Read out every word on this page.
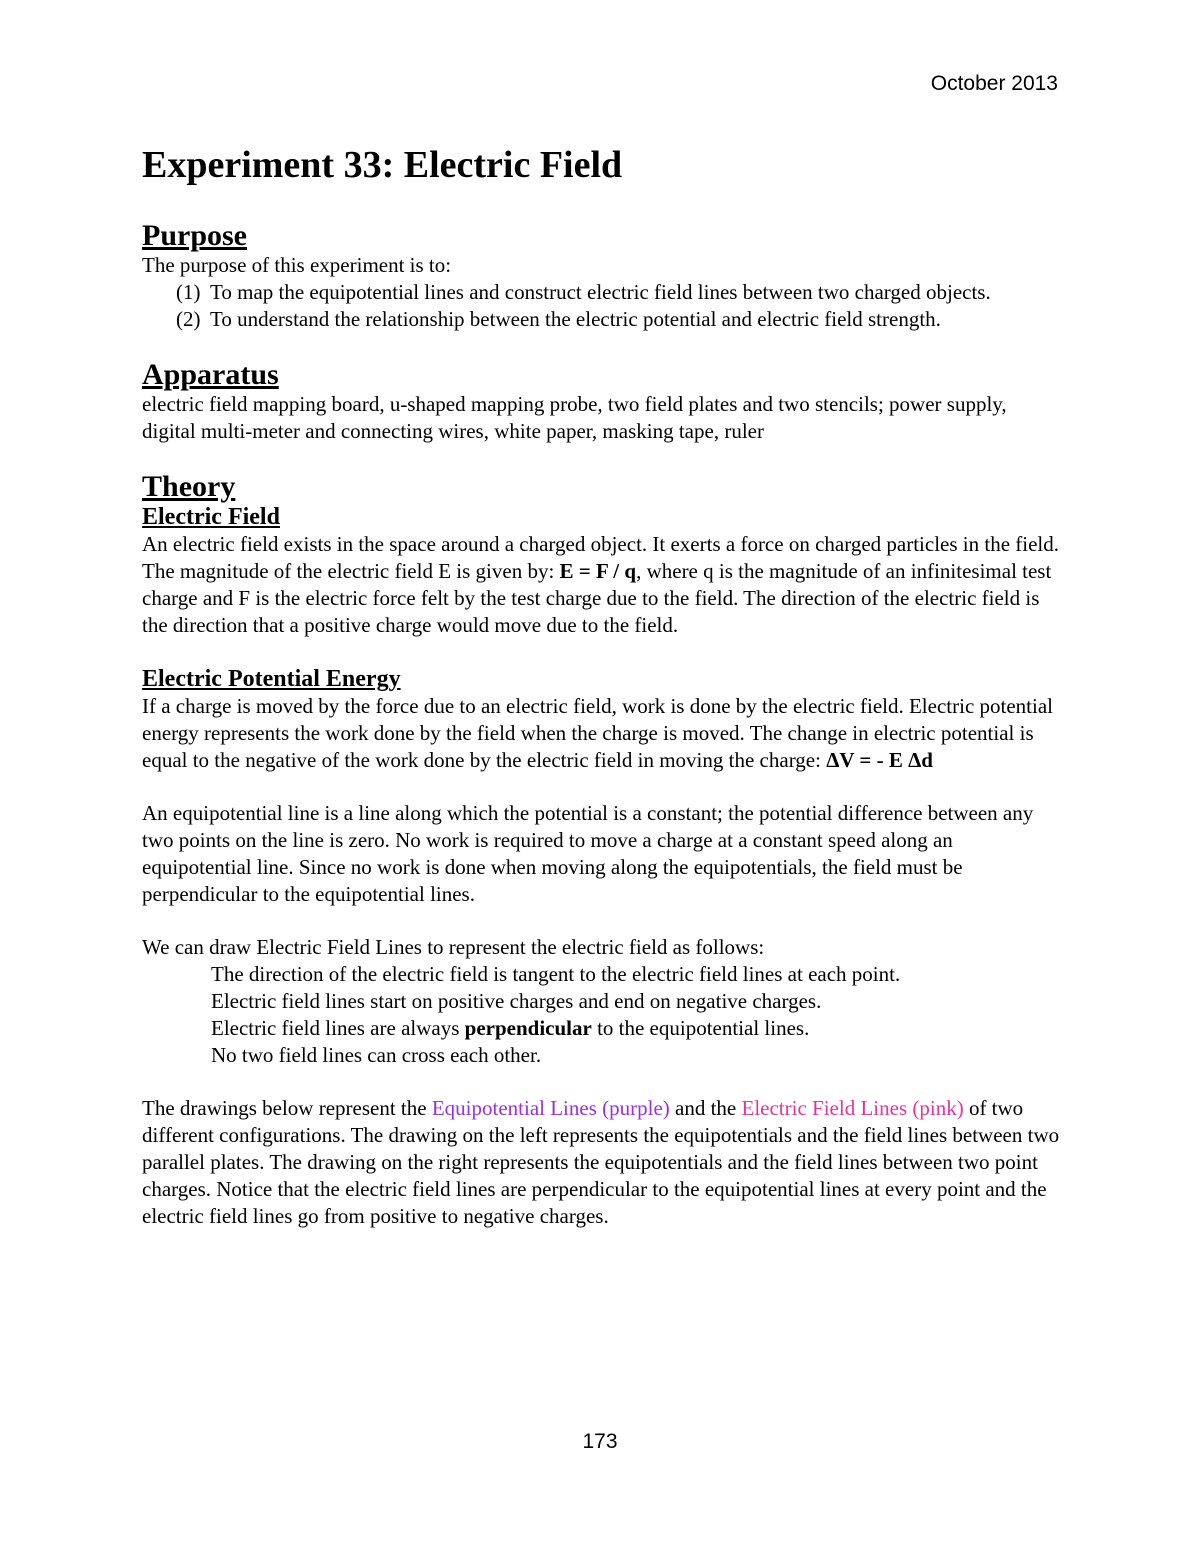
October 2013
Experiment 33: Electric Field
Purpose

The purpose of this experiment is to:

(1) To map the equipotential lines and construct electric field lines between two charged objects.
(2) To understand the relationship between the electric potential and electric field strength.
Apparatus

electric field mapping board, u-shaped mapping probe, two field plates and two stencils; power supply, digital multi-meter and connecting wires, white paper, masking tape, ruler

Theory
Electric Field

An electric field exists in the space around a charged object. It exerts a force on charged particles in the field. The magnitude of the electric field E is given by: E = F / q, where q is the magnitude of an infinitesimal test charge and F is the electric force felt by the test charge due to the field. The direction of the electric field is the direction that a positive charge would move due to the field.

Electric Potential Energy

If a charge is moved by the force due to an electric field, work is done by the electric field. Electric potential energy represents the work done by the field when the charge is moved. The change in electric potential is equal to the negative of the work done by the electric field in moving the charge: ΔV = - E Δd

An equipotential line is a line along which the potential is a constant; the potential difference between any two points on the line is zero. No work is required to move a charge at a constant speed along an equipotential line. Since no work is done when moving along the equipotentials, the field must be perpendicular to the equipotential lines.

We can draw Electric Field Lines to represent the electric field as follows:

The direction of the electric field is tangent to the electric field lines at each point.
Electric field lines start on positive charges and end on negative charges.
Electric field lines are always perpendicular to the equipotential lines.
No two field lines can cross each other.

The drawings below represent the Equipotential Lines (purple) and the Electric Field Lines (pink) of two different configurations. The drawing on the left represents the equipotentials and the field lines between two parallel plates. The drawing on the right represents the equipotentials and the field lines between two point charges. Notice that the electric field lines are perpendicular to the equipotential lines at every point and the electric field lines go from positive to negative charges.

173
